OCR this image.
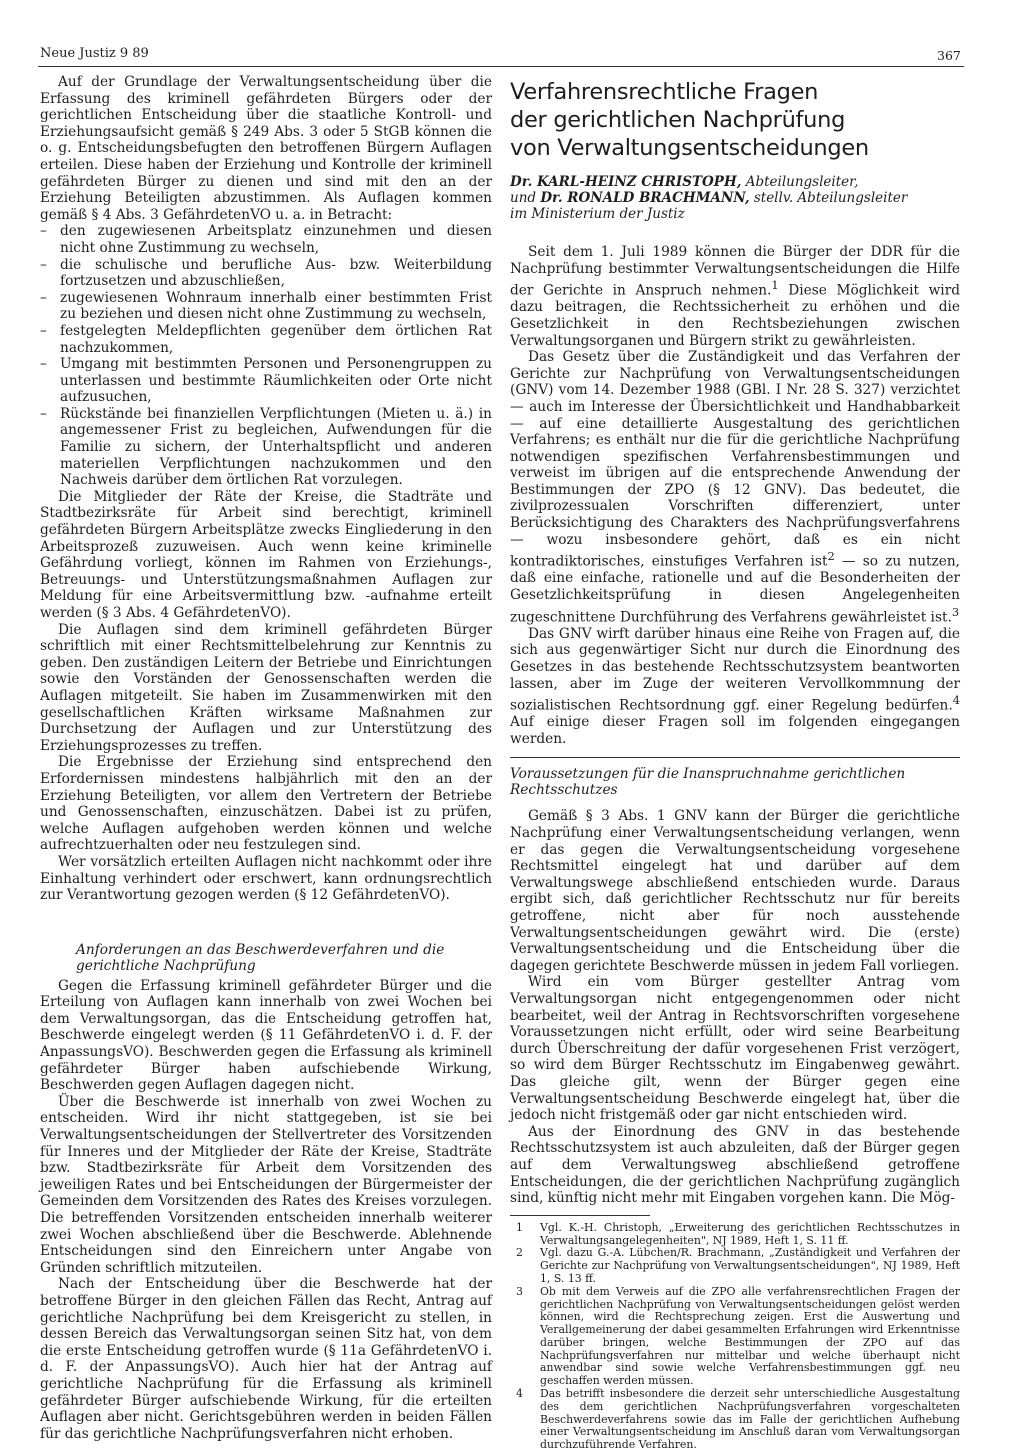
Neue Justiz 9 89	367

Auf der Grundlage der Verwaltungsentscheidung über die Erfassung des kriminell gefährdeten Bürgers oder der gerichtlichen Entscheidung über die staatliche Kontroll- und Erziehungsaufsicht gemäß § 249 Abs. 3 oder 5 StGB können die o. g. Entscheidungsbefugten den betroffenen Bürgern Auflagen erteilen. Diese haben der Erziehung und Kontrolle der kriminell gefährdeten Bürger zu dienen und sind mit den an der Erziehung Beteiligten abzustimmen. Als Auflagen kommen gemäß § 4 Abs. 3 GefährdetenVO u. a. in Betracht:

– den zugewiesenen Arbeitsplatz einzunehmen und diesen nicht ohne Zustimmung zu wechseln,
– die schulische und berufliche Aus- bzw. Weiterbildung fortzusetzen und abzuschließen,
– zugewiesenen Wohnraum innerhalb einer bestimmten Frist zu beziehen und diesen nicht ohne Zustimmung zu wechseln,
– festgelegten Meldepflichten gegenüber dem örtlichen Rat nachzukommen,
– Umgang mit bestimmten Personen und Personengruppen zu unterlassen und bestimmte Räumlichkeiten oder Orte nicht aufzusuchen,
– Rückstände bei finanziellen Verpflichtungen (Mieten u. ä.) in angemessener Frist zu begleichen, Aufwendungen für die Familie zu sichern, der Unterhaltspflicht und anderen materiellen Verpflichtungen nachzukommen und den Nachweis darüber dem örtlichen Rat vorzulegen.

Die Mitglieder der Räte der Kreise, die Stadträte und Stadtbezirksräte für Arbeit sind berechtigt, kriminell gefährdeten Bürgern Arbeitsplätze zwecks Eingliederung in den Arbeitsprozeß zuzuweisen. Auch wenn keine kriminelle Gefährdung vorliegt, können im Rahmen von Erziehungs-, Betreuungs- und Unterstützungsmaßnahmen Auflagen zur Meldung für eine Arbeitsvermittlung bzw. -aufnahme erteilt werden (§ 3 Abs. 4 GefährdetenVO).

Die Auflagen sind dem kriminell gefährdeten Bürger schriftlich mit einer Rechtsmittelbelehrung zur Kenntnis zu geben. Den zuständigen Leitern der Betriebe und Einrichtungen sowie den Vorständen der Genossenschaften werden die Auflagen mitgeteilt. Sie haben im Zusammenwirken mit den gesellschaftlichen Kräften wirksame Maßnahmen zur Durchsetzung der Auflagen und zur Unterstützung des Erziehungsprozesses zu treffen.

Die Ergebnisse der Erziehung sind entsprechend den Erfordernissen mindestens halbjährlich mit den an der Erziehung Beteiligten, vor allem den Vertretern der Betriebe und Genossenschaften, einzuschätzen. Dabei ist zu prüfen, welche Auflagen aufgehoben werden können und welche aufrechtzuerhalten oder neu festzulegen sind.

Wer vorsätzlich erteilten Auflagen nicht nachkommt oder ihre Einhaltung verhindert oder erschwert, kann ordnungsrechtlich zur Verantwortung gezogen werden (§ 12 GefährdetenVO).

Anforderungen an das Beschwerdeverfahren und die gerichtliche Nachprüfung

Gegen die Erfassung kriminell gefährdeter Bürger und die Erteilung von Auflagen kann innerhalb von zwei Wochen bei dem Verwaltungsorgan, das die Entscheidung getroffen hat, Beschwerde eingelegt werden (§ 11 GefährdetenVO i. d. F. der AnpassungsVO). Beschwerden gegen die Erfassung als kriminell gefährdeter Bürger haben aufschiebende Wirkung, Beschwerden gegen Auflagen dagegen nicht.

Über die Beschwerde ist innerhalb von zwei Wochen zu entscheiden. Wird ihr nicht stattgegeben, ist sie bei Verwaltungsentscheidungen der Stellvertreter des Vorsitzenden für Inneres und der Mitglieder der Räte der Kreise, Stadträte bzw. Stadtbezirksräte für Arbeit dem Vorsitzenden des jeweiligen Rates und bei Entscheidungen der Bürgermeister der Gemeinden dem Vorsitzenden des Rates des Kreises vorzulegen. Die betreffenden Vorsitzenden entscheiden innerhalb weiterer zwei Wochen abschließend über die Beschwerde. Ablehnende Entscheidungen sind den Einreichern unter Angabe von Gründen schriftlich mitzuteilen.

Nach der Entscheidung über die Beschwerde hat der betroffene Bürger in den gleichen Fällen das Recht, Antrag auf gerichtliche Nachprüfung bei dem Kreisgericht zu stellen, in dessen Bereich das Verwaltungsorgan seinen Sitz hat, von dem die erste Entscheidung getroffen wurde (§ 11a GefährdetenVO i. d. F. der AnpassungsVO). Auch hier hat der Antrag auf gerichtliche Nachprüfung für die Erfassung als kriminell gefährdeter Bürger aufschiebende Wirkung, für die erteilten Auflagen aber nicht. Gerichtsgebühren werden in beiden Fällen für das gerichtliche Nachprüfungsverfahren nicht erhoben.

Verfahrensrechtliche Fragen
der gerichtlichen Nachprüfung
von Verwaltungsentscheidungen
Dr. KARL-HEINZ CHRISTOPH, Abteilungsleiter,
und Dr. RONALD BRACHMANN, stellv. Abteilungsleiter
im Ministerium der Justiz

Seit dem 1. Juli 1989 können die Bürger der DDR für die Nachprüfung bestimmter Verwaltungsentscheidungen die Hilfe der Gerichte in Anspruch nehmen.$^1$ Diese Möglichkeit wird dazu beitragen, die Rechtssicherheit zu erhöhen und die Gesetzlichkeit in den Rechtsbeziehungen zwischen Verwaltungsorganen und Bürgern strikt zu gewährleisten.

Das Gesetz über die Zuständigkeit und das Verfahren der Gerichte zur Nachprüfung von Verwaltungsentscheidungen (GNV) vom 14. Dezember 1988 (GBl. I Nr. 28 S. 327) verzichtet — auch im Interesse der Übersichtlichkeit und Handhabbarkeit — auf eine detaillierte Ausgestaltung des gerichtlichen Verfahrens; es enthält nur die für die gerichtliche Nachprüfung notwendigen spezifischen Verfahrensbestimmungen und verweist im übrigen auf die entsprechende Anwendung der Bestimmungen der ZPO (§ 12 GNV). Das bedeutet, die zivilprozessualen Vorschriften differenziert, unter Berücksichtigung des Charakters des Nachprüfungsverfahrens — wozu insbesondere gehört, daß es ein nicht kontradiktorisches, einstufiges Verfahren ist$^2$ — so zu nutzen, daß eine einfache, rationelle und auf die Besonderheiten der Gesetzlichkeitsprüfung in diesen Angelegenheiten zugeschnittene Durchführung des Verfahrens gewährleistet ist.$^3$

Das GNV wirft darüber hinaus eine Reihe von Fragen auf, die sich aus gegenwärtiger Sicht nur durch die Einordnung des Gesetzes in das bestehende Rechtsschutzsystem beantworten lassen, aber im Zuge der weiteren Vervollkommnung der sozialistischen Rechtsordnung ggf. einer Regelung bedürfen.$^4$ Auf einige dieser Fragen soll im folgenden eingegangen werden.

Voraussetzungen für die Inanspruchnahme gerichtlichen Rechtsschutzes

Gemäß § 3 Abs. 1 GNV kann der Bürger die gerichtliche Nachprüfung einer Verwaltungsentscheidung verlangen, wenn er das gegen die Verwaltungsentscheidung vorgesehene Rechtsmittel eingelegt hat und darüber auf dem Verwaltungswege abschließend entschieden wurde. Daraus ergibt sich, daß gerichtlicher Rechtsschutz nur für bereits getroffene, nicht aber für noch ausstehende Verwaltungsentscheidungen gewährt wird. Die (erste) Verwaltungsentscheidung und die Entscheidung über die dagegen gerichtete Beschwerde müssen in jedem Fall vorliegen.

Wird ein vom Bürger gestellter Antrag vom Verwaltungsorgan nicht entgegengenommen oder nicht bearbeitet, weil der Antrag in Rechtsvorschriften vorgesehene Voraussetzungen nicht erfüllt, oder wird seine Bearbeitung durch Überschreitung der dafür vorgesehenen Frist verzögert, so wird dem Bürger Rechtsschutz im Eingabenweg gewährt. Das gleiche gilt, wenn der Bürger gegen eine Verwaltungsentscheidung Beschwerde eingelegt hat, über die jedoch nicht fristgemäß oder gar nicht entschieden wird.

Aus der Einordnung des GNV in das bestehende Rechtsschutzsystem ist auch abzuleiten, daß der Bürger gegen auf dem Verwaltungsweg abschließend getroffene Entscheidungen, die der gerichtlichen Nachprüfung zugänglich sind, künftig nicht mehr mit Eingaben vorgehen kann. Die Mög-

1 Vgl. K.-H. Christoph, „Erweiterung des gerichtlichen Rechtsschutzes in Verwaltungsangelegenheiten", NJ 1989, Heft 1, S. 11 ff.
2 Vgl. dazu G.-A. Lübchen/R. Brachmann, „Zuständigkeit und Verfahren der Gerichte zur Nachprüfung von Verwaltungsentscheidungen", NJ 1989, Heft 1, S. 13 ff.
3 Ob mit dem Verweis auf die ZPO alle verfahrensrechtlichen Fragen der gerichtlichen Nachprüfung von Verwaltungsentscheidungen gelöst werden können, wird die Rechtsprechung zeigen. Erst die Auswertung und Verallgemeinerung der dabei gesammelten Erfahrungen wird Erkenntnisse darüber bringen, welche Bestimmungen der ZPO auf das Nachprüfungsverfahren nur mittelbar und welche überhaupt nicht anwendbar sind sowie welche Verfahrensbestimmungen ggf. neu geschaffen werden müssen.
4 Das betrifft insbesondere die derzeit sehr unterschiedliche Ausgestaltung des dem gerichtlichen Nachprüfungsverfahren vorgeschalteten Beschwerdeverfahrens sowie das im Falle der gerichtlichen Aufhebung einer Verwaltungsentscheidung im Anschluß daran vom Verwaltungsorgan durchzuführende Verfahren.
